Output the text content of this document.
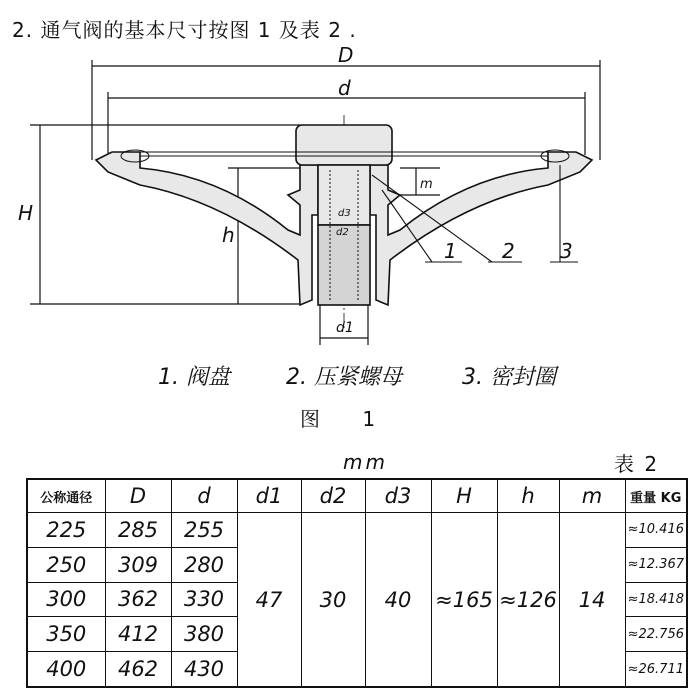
2. 通气阀的基本尺寸按图 1 及表 2 .
D
d
H
h
m
d1
d2
d3
1 2 3
1. 阀盘	2. 压紧螺母	3. 密封圈
图 1
mm	表 2
公称通径	D	d	d1	d2	d3	H	h	m	重量 KG
225	285	255	47	30	40	≈165	≈126	14	≈10.416
250	309	280							≈12.367
300	362	330							≈18.418
350	412	380							≈22.756
400	462	430							≈26.711
